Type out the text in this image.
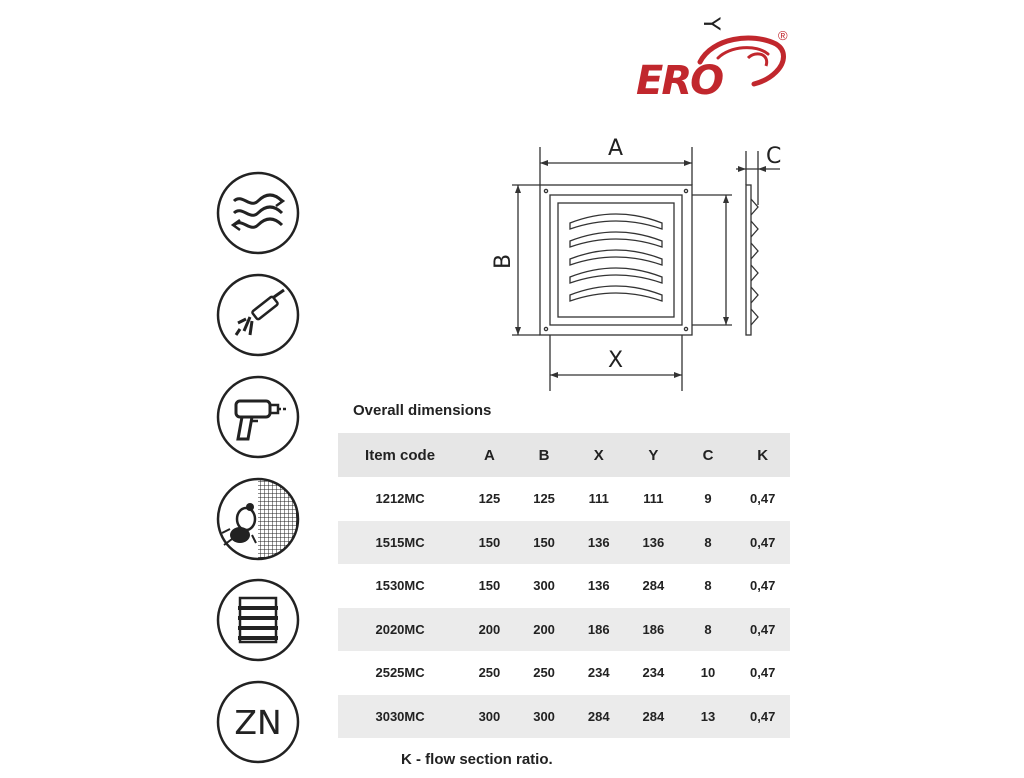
ERO
®
ZN
A
B
X
Y
C
Overall dimensions
Item code	A	B	X	Y	C	K
1212MC	125	125	111	111	9	0,47
1515MC	150	150	136	136	8	0,47
1530MC	150	300	136	284	8	0,47
2020MC	200	200	186	186	8	0,47
2525MC	250	250	234	234	10	0,47
3030MC	300	300	284	284	13	0,47
K - flow section ratio.
